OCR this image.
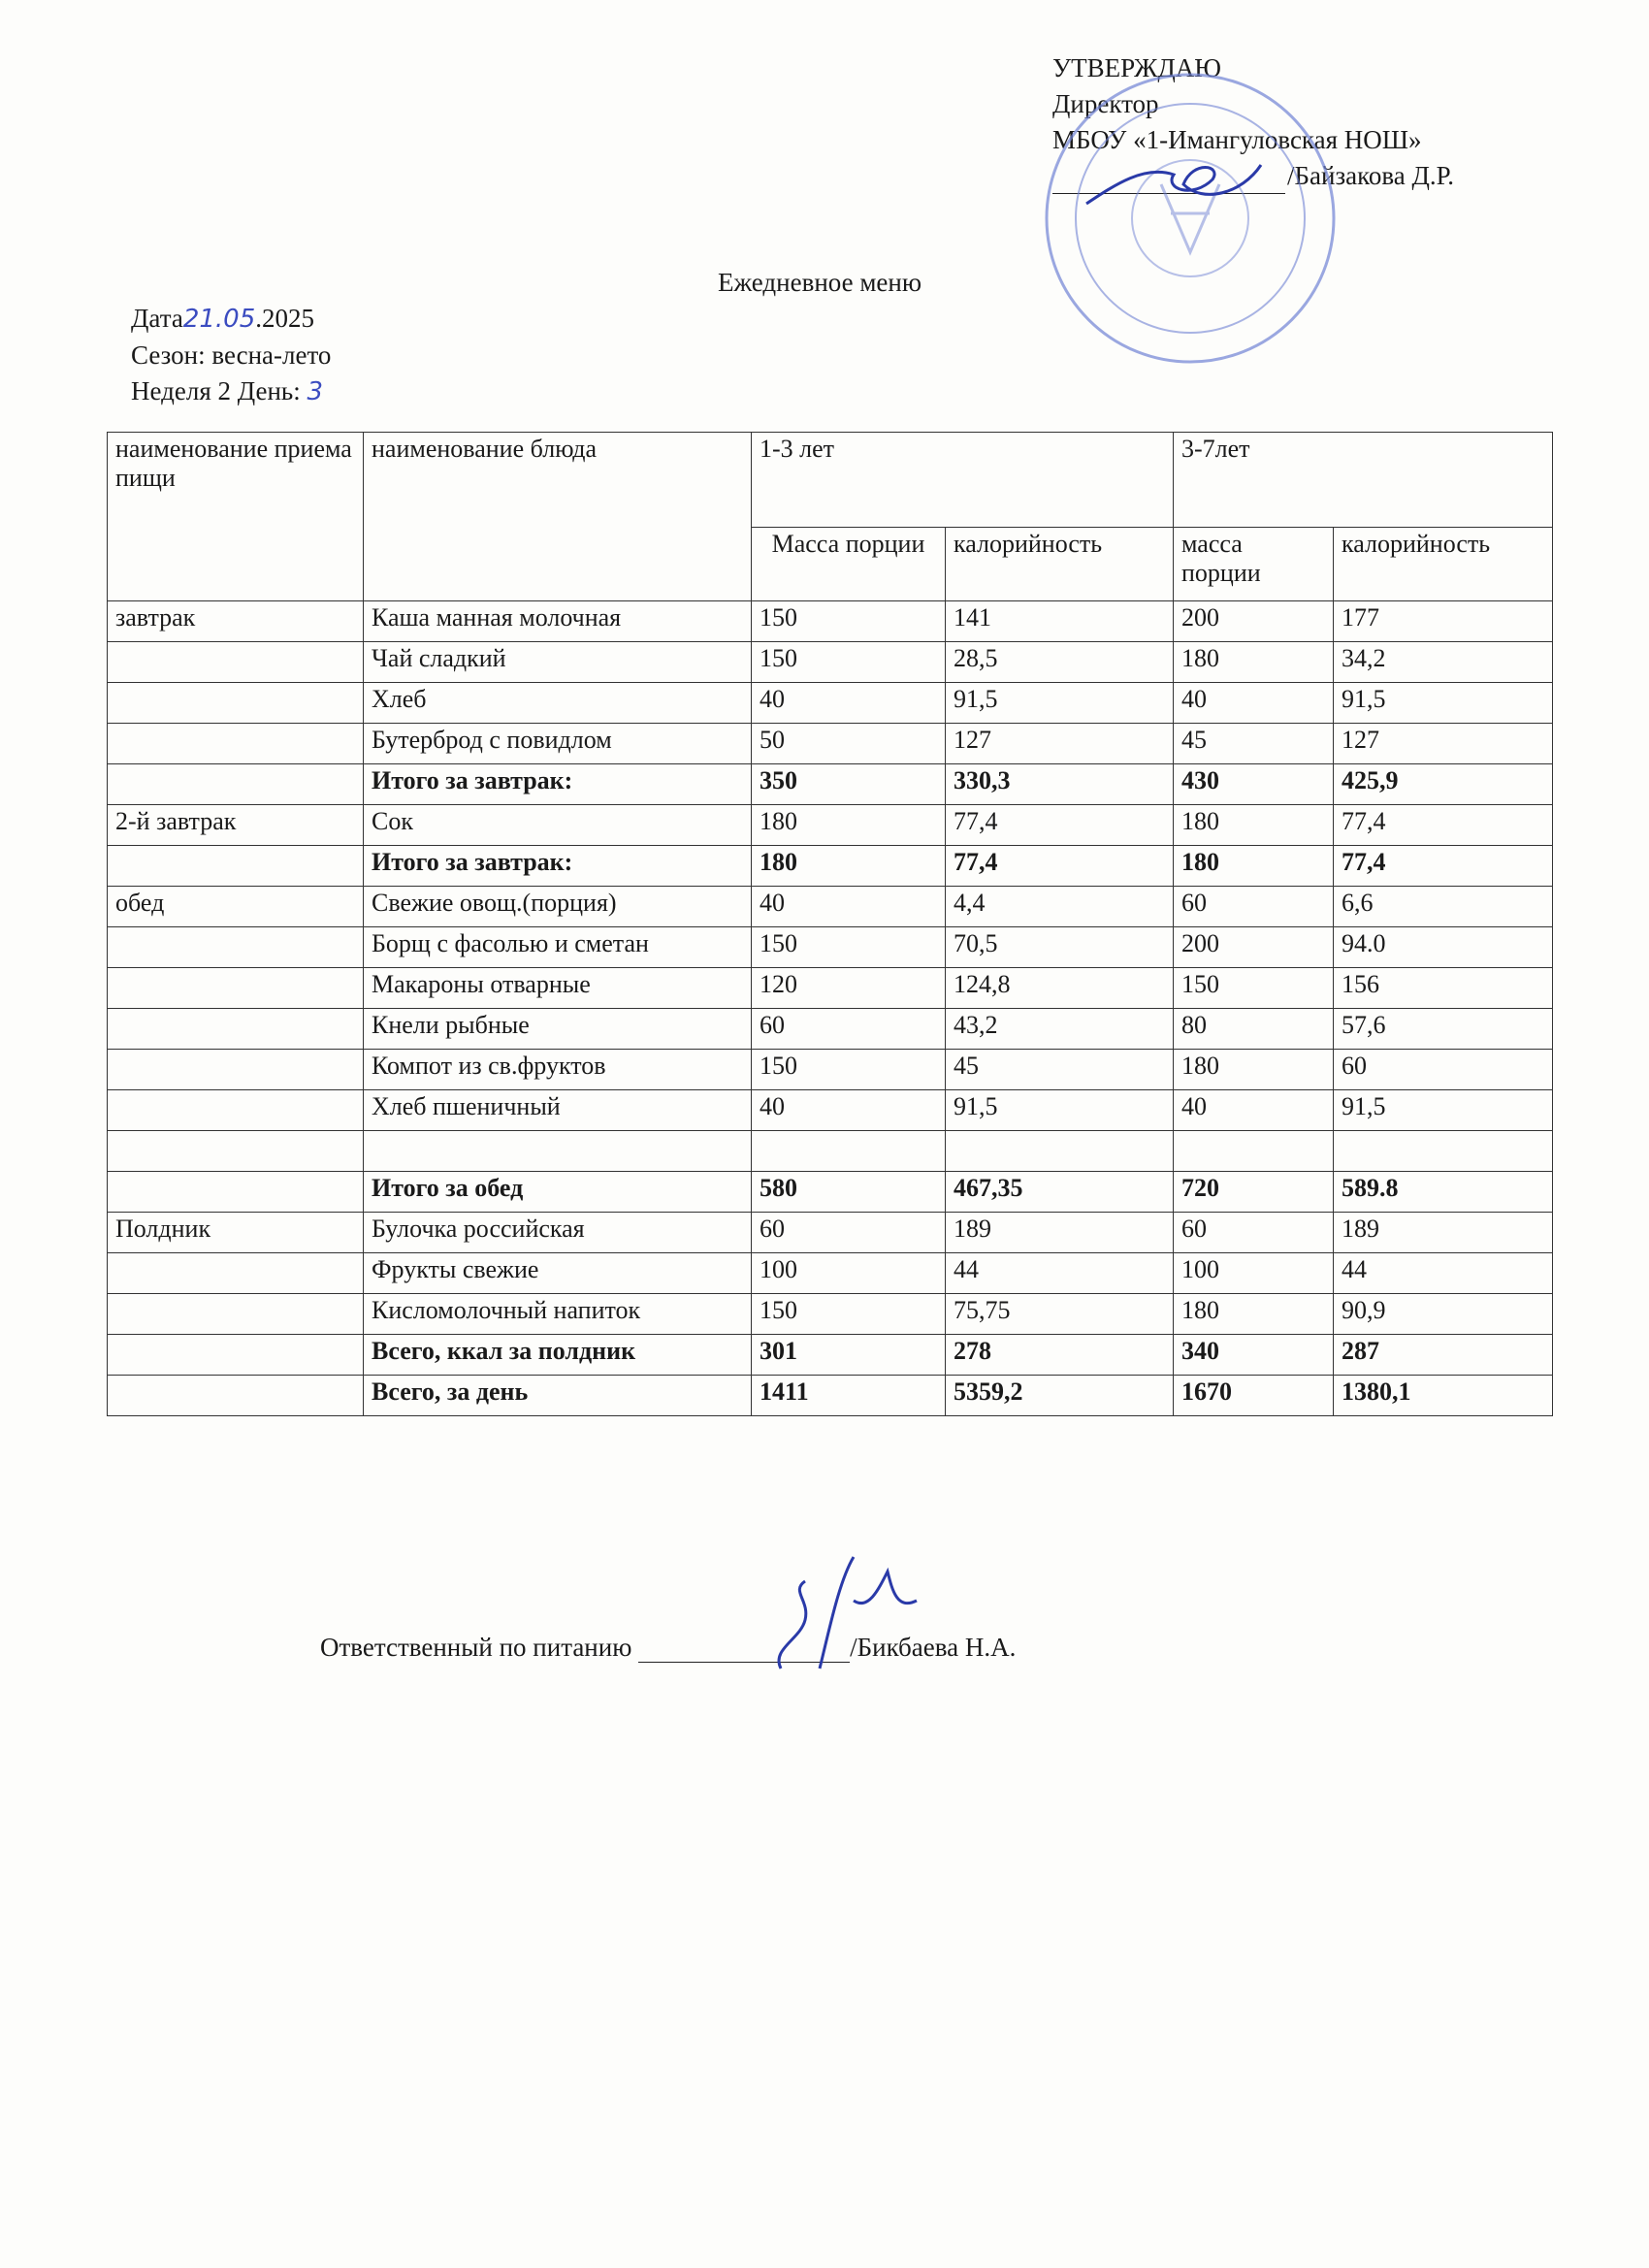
УТВЕРЖДАЮ
Директор
МБОУ «1-Имангуловская НОШ»
/Байзакова Д.Р.
Ежедневное меню
Дата21.05.2025
Сезон: весна-лето
Неделя 2 День: 3
наименование приема пищи	наименование блюда	1-3 лет		3-7лет	
		Масса порции	калорийность	масса порции	калорийность
завтрак	Каша манная молочная	150	141	200	177
	Чай сладкий	150	28,5	180	34,2
	Хлеб	40	91,5	40	91,5
	Бутерброд с повидлом	50	127	45	127
	Итого за завтрак:	350	330,3	430	425,9
2-й завтрак	Сок	180	77,4	180	77,4
	Итого за завтрак:	180	77,4	180	77,4
обед	Свежие овощ.(порция)	40	4,4	60	6,6
	Борщ с фасолью и сметан	150	70,5	200	94.0
	Макароны отварные	120	124,8	150	156
	Кнели рыбные	60	43,2	80	57,6
	Компот из св.фруктов	150	45	180	60
	Хлеб пшеничный	40	91,5	40	91,5

	Итого за обед	580	467,35	720	589.8
Полдник	Булочка российская	60	189	60	189
	Фрукты свежие	100	44	100	44
	Кисломолочный напиток	150	75,75	180	90,9
	Всего, ккал за полдник	301	278	340	287
	Всего, за день	1411	5359,2	1670	1380,1
Ответственный по питанию	/Бикбаева Н.А.
